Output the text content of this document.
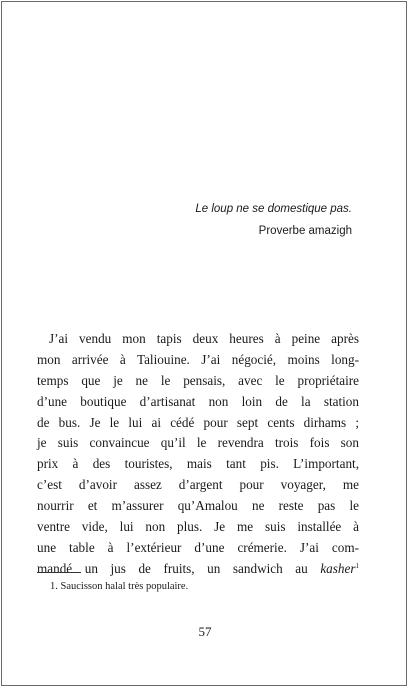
Le loup ne se domestique pas.
Proverbe amazigh
J’ai vendu mon tapis deux heures à peine après
mon arrivée à Taliouine. J’ai négocié, moins long-
temps que je ne le pensais, avec le propriétaire
d’une boutique d’artisanat non loin de la station
de bus. Je le lui ai cédé pour sept cents dirhams ;
je suis convaincue qu’il le revendra trois fois son
prix à des touristes, mais tant pis. L’important,
c’est d’avoir assez d’argent pour voyager, me
nourrir et m’assurer qu’Amalou ne reste pas le
ventre vide, lui non plus. Je me suis installée à
une table à l’extérieur d’une crémerie. J’ai com-
mandé un jus de fruits, un sandwich au kasher$^1$
1. Saucisson halal très populaire.
57
